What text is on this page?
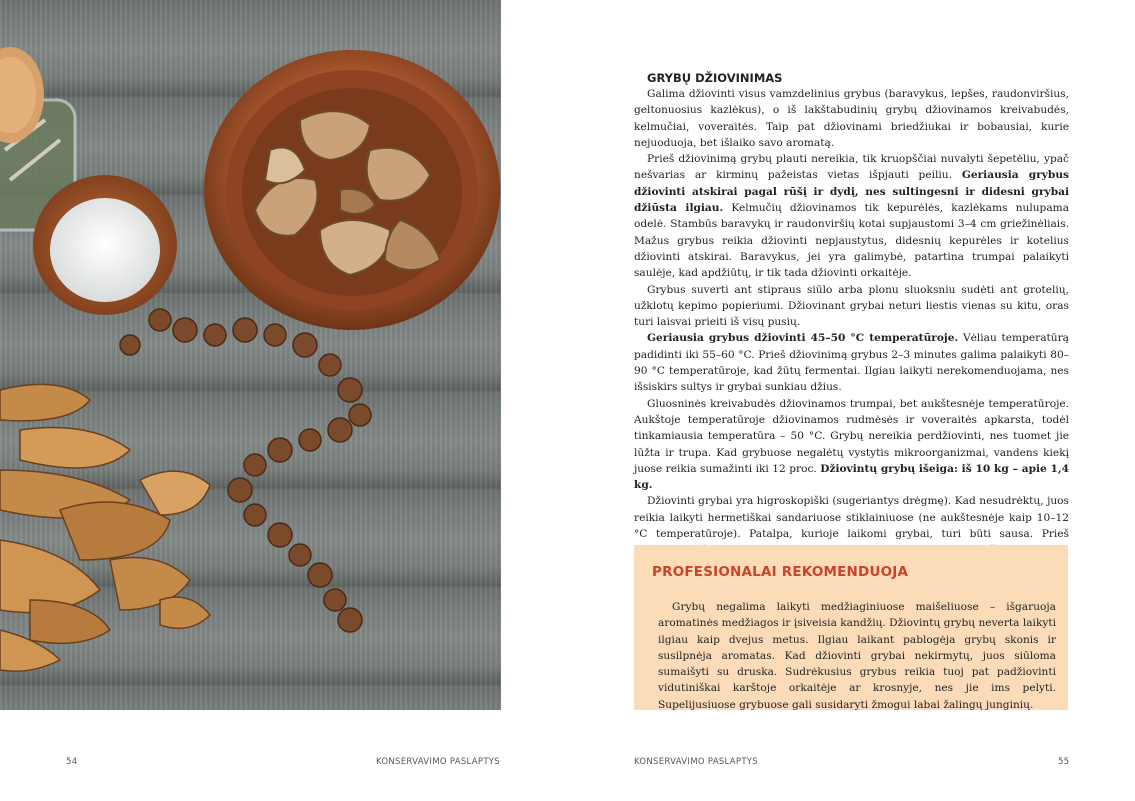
GRYBŲ DŽIOVINIMAS

Galima džiovinti visus vamzdelinius grybus (baravykus, lepšes, raudonviršius, geltonuosius kazlėkus), o iš lakštabudinių grybų džiovinamos kreivabudės, kelmučiai, voveraitės. Taip pat džiovinami briedžiukai ir bobausiai, kurie nejuoduoja, bet išlaiko savo aromatą.

Prieš džiovinimą grybų plauti nereikia, tik kruopščiai nuvalyti šepetėliu, ypač nešvarias ar kirminų pažeistas vietas išpjauti peiliu. Geriausia grybus džiovinti atskirai pagal rūšį ir dydį, nes sultingesni ir didesni grybai džiūsta ilgiau. Kelmučių džiovinamos tik kepurėlės, kazlėkams nulupama odelė. Stambūs baravykų ir raudonviršių kotai supjaustomi 3–4 cm griežinėliais. Mažus grybus reikia džiovinti nepjaustytus, didesnių kepurėles ir kotelius džiovinti atskirai. Baravykus, jei yra galimybė, patartina trumpai palaikyti saulėje, kad apdžiūtų, ir tik tada džiovinti orkaitėje.

Grybus suverti ant stipraus siūlo arba plonu sluoksniu sudėti ant grotelių, užklotų kepimo popieriumi. Džiovinant grybai neturi liestis vienas su kitu, oras turi laisvai prieiti iš visų pusių.

Geriausia grybus džiovinti 45–50 °C temperatūroje. Vėliau temperatūrą padidinti iki 55–60 °C. Prieš džiovinimą grybus 2–3 minutes galima palaikyti 80–90 °C temperatūroje, kad žūtų fermentai. Ilgiau laikyti nerekomenduojama, nes išsiskirs sultys ir grybai sunkiau džius.

Gluosninės kreivabudės džiovinamos trumpai, bet aukštesnėje temperatūroje. Aukštoje temperatūroje džiovinamos rudmėsės ir voveraitės apkarsta, todėl tinkamiausia temperatūra – 50 °C. Grybų nereikia perdžiovinti, nes tuomet jie lūžta ir trupa. Kad grybuose negalėtų vystytis mikroorganizmai, vandens kiekį juose reikia sumažinti iki 12 proc. Džiovintų grybų išeiga: iš 10 kg – apie 1,4 kg.

Džiovinti grybai yra higroskopiški (sugeriantys drėgmę). Kad nesudrėktų, juos reikia laikyti hermetiškai sandariuose stiklainiuose (ne aukštesnėje kaip 10–12 °C temperatūroje). Patalpa, kurioje laikomi grybai, turi būti sausa. Prieš

PROFESIONALAI REKOMENDUOJA

Grybų negalima laikyti medžiaginiuose maišeliuose – išgaruoja aromatinės medžiagos ir įsiveisia kandžių. Džiovintų grybų neverta laikyti ilgiau kaip dvejus metus. Ilgiau laikant pablogėja grybų skonis ir susilpnėja aromatas. Kad džiovinti grybai nekirmytų, juos siūloma sumaišyti su druska. Sudrėkusius grybus reikia tuoj pat padžiovinti vidutiniškai karštoje orkaitėje ar krosnyje, nes jie ims pelyti. Supelijusiuose grybuose gali susidaryti žmogui labai žalingų junginių.

54	KONSERVAVIMO PASLAPTYS	KONSERVAVIMO PASLAPTYS	55
